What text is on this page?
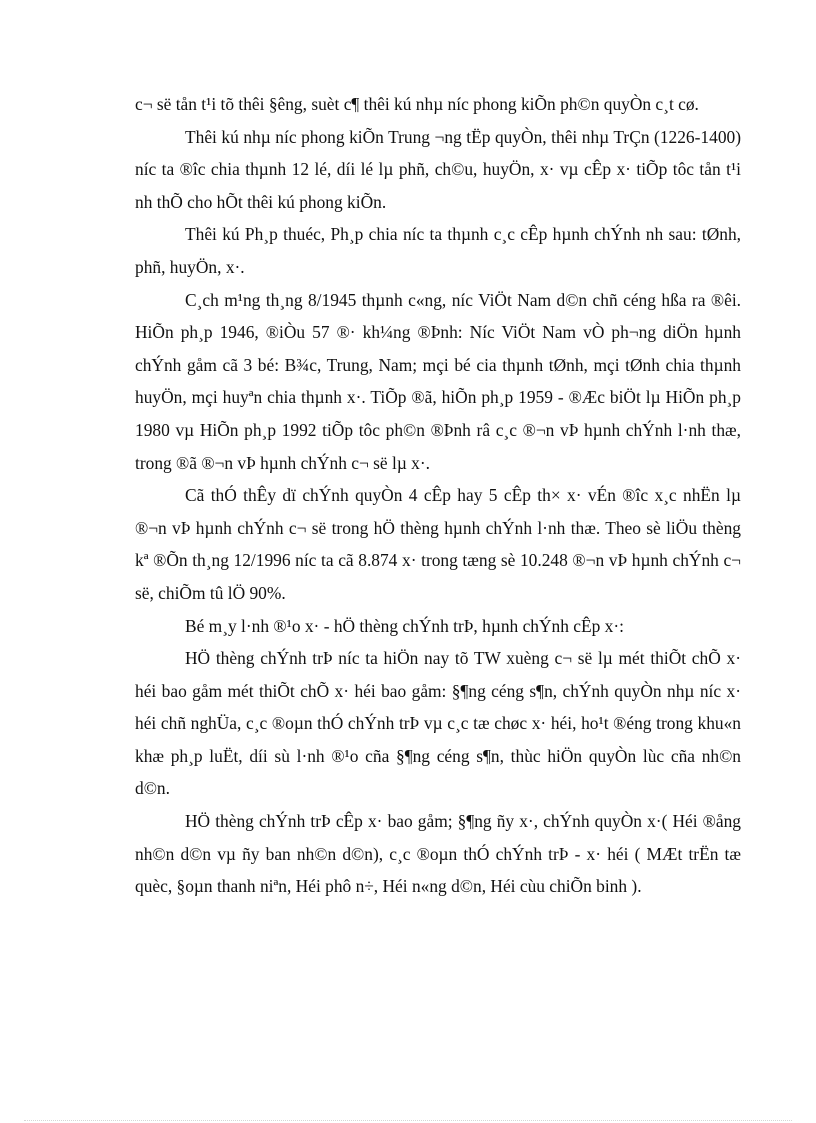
c¬ së tån t¹i tõ thêi §êng, suèt c¶ thêi kú nhµ níc phong kiÕn ph©n quyÒn c¸t cø.

Thêi kú nhµ níc phong kiÕn Trung ¬ng tËp quyÒn, thêi nhµ TrÇn (1226-1400) níc ta ®îc chia thµnh 12 lé, díi lé lµ phñ, ch©u, huyÖn, x· vµ cÊp x· tiÕp tôc tån t¹i nh thÕ cho hÕt thêi kú phong kiÕn.

Thêi kú Ph¸p thuéc, Ph¸p chia níc ta thµnh c¸c cÊp hµnh chÝnh nh sau: tØnh, phñ, huyÖn, x·.

C¸ch m¹ng th¸ng 8/1945 thµnh c«ng, níc ViÖt Nam d©n chñ céng hßa ra ®êi. HiÕn ph¸p 1946, ®iÒu 57 ®· kh¼ng ®Þnh: Níc ViÖt Nam vÒ ph¬ng diÖn hµnh chÝnh gåm cã 3 bé: B¾c, Trung, Nam; mçi bé cia thµnh tØnh, mçi tØnh chia thµnh huyÖn, mçi huyªn chia thµnh x·. TiÕp ®ã, hiÕn ph¸p 1959 - ®Æc biÖt lµ HiÕn ph¸p 1980 vµ HiÕn ph¸p 1992 tiÕp tôc ph©n ®Þnh râ c¸c ®¬n vÞ hµnh chÝnh l·nh thæ, trong ®ã ®¬n vÞ hµnh chÝnh c¬ së lµ x·.

Cã thÓ thÊy dï chÝnh quyÒn 4 cÊp hay 5 cÊp th× x· vÉn ®îc x¸c nhËn lµ ®¬n vÞ hµnh chÝnh c¬ së trong hÖ thèng hµnh chÝnh l·nh thæ. Theo sè liÖu thèng kª ®Õn th¸ng 12/1996 níc ta cã 8.874 x· trong tæng sè 10.248 ®¬n vÞ hµnh chÝnh c¬ së, chiÕm tû lÖ 90%.

Bé m¸y l·nh ®¹o x· - hÖ thèng chÝnh trÞ, hµnh chÝnh cÊp x·:

HÖ thèng chÝnh trÞ níc ta hiÖn nay tõ TW xuèng c¬ së lµ mét thiÕt chÕ x· héi bao gåm mét thiÕt chÕ x· héi bao gåm: §¶ng céng s¶n, chÝnh quyÒn nhµ níc x· héi chñ nghÜa, c¸c ®oµn thÓ chÝnh trÞ vµ c¸c tæ chøc x· héi, ho¹t ®éng trong khu«n khæ ph¸p luËt, díi sù l·nh ®¹o cña §¶ng céng s¶n, thùc hiÖn quyÒn lùc cña nh©n d©n.

HÖ thèng chÝnh trÞ cÊp x· bao gåm; §¶ng ñy x·, chÝnh quyÒn x·( Héi ®ång nh©n d©n vµ ñy ban nh©n d©n), c¸c ®oµn thÓ chÝnh trÞ - x· héi ( MÆt trËn tæ quèc, §oµn thanh niªn, Héi phô n÷, Héi n«ng d©n, Héi cùu chiÕn binh ).
